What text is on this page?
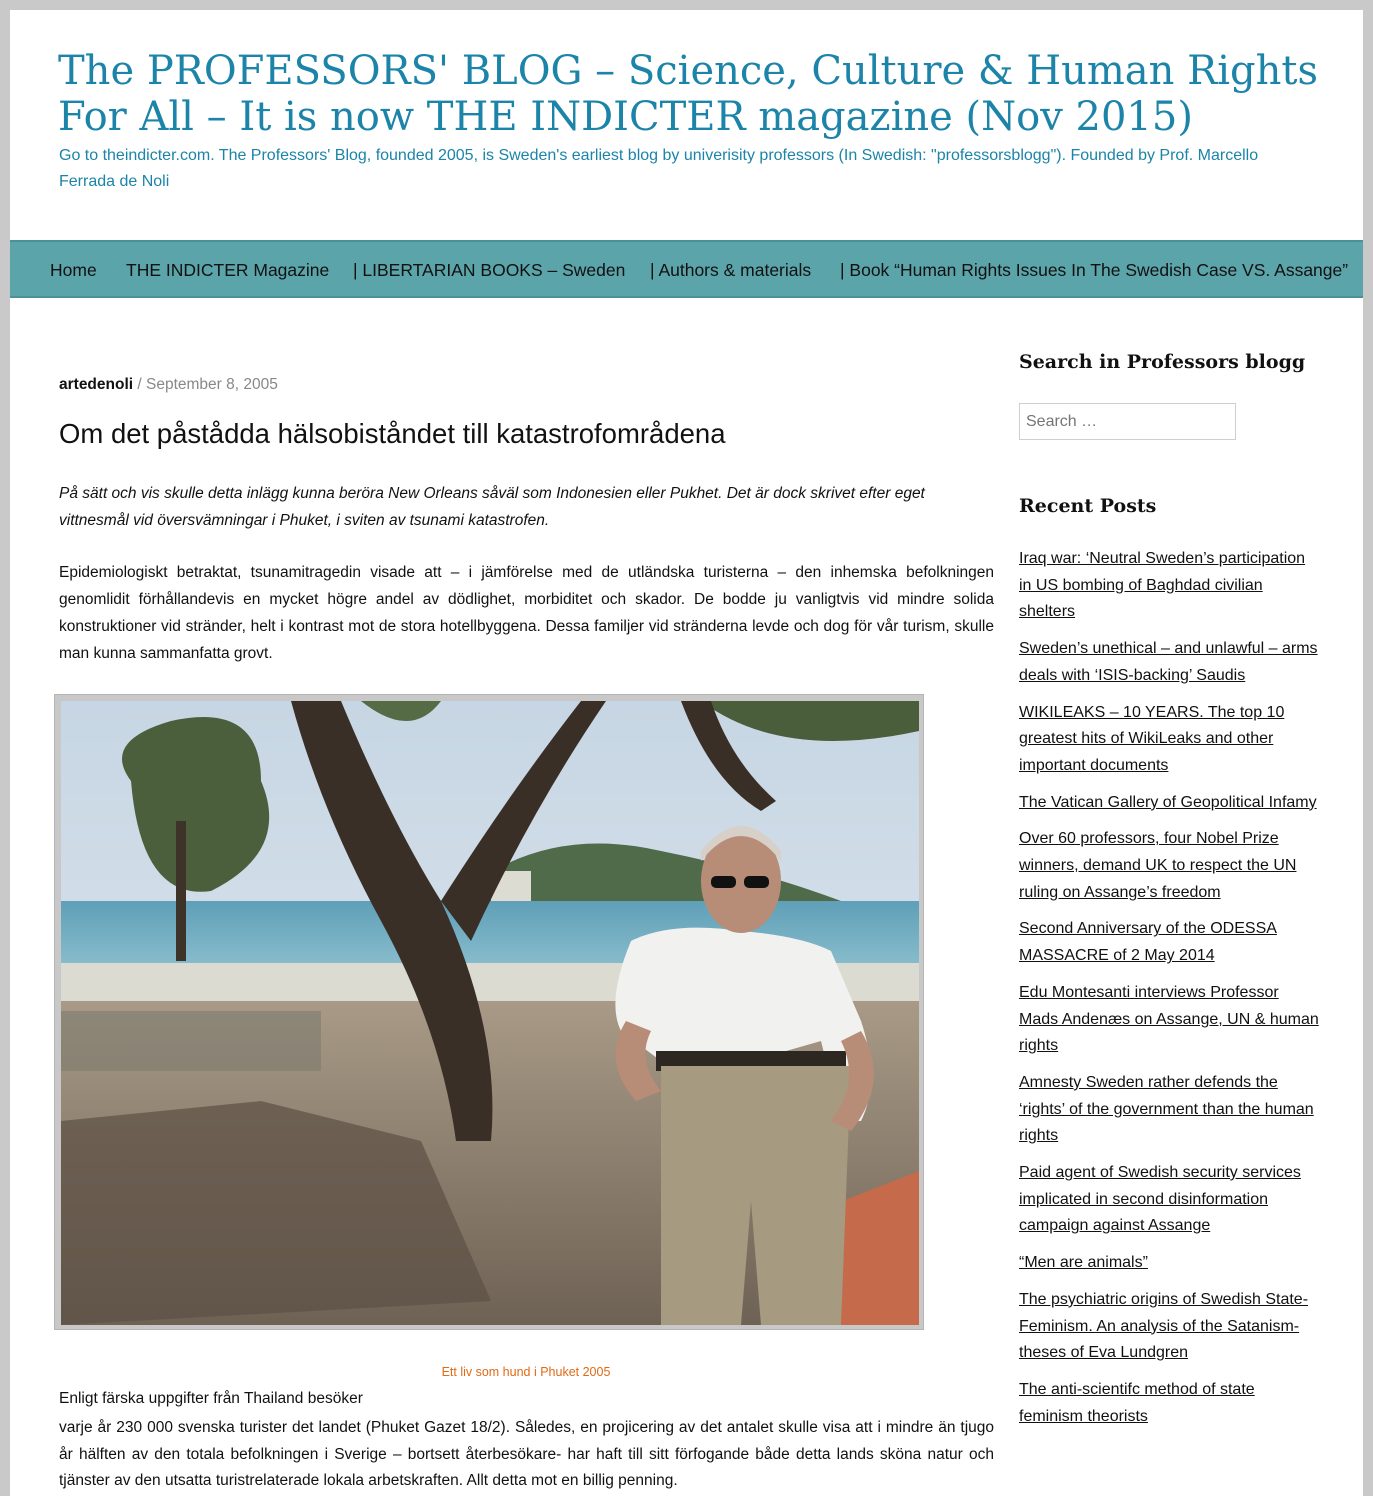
The PROFESSORS' BLOG – Science, Culture & Human Rights For All – It is now THE INDICTER magazine (Nov 2015)
Go to theindicter.com. The Professors' Blog, founded 2005, is Sweden's earliest blog by univerisity professors (In Swedish: "professorsblogg"). Founded by Prof. Marcello Ferrada de Noli
Home THE INDICTER Magazine | LIBERTARIAN BOOKS – Sweden | Authors & materials | Book “Human Rights Issues In The Swedish Case VS. Assange”
artedenoli / September 8, 2005
Om det påstådda hälsobiståndet till katastrofområdena

På sätt och vis skulle detta inlägg kunna beröra New Orleans såväl som Indonesien eller Pukhet. Det är dock skrivet efter eget vittnesmål vid översvämningar i Phuket, i sviten av tsunami katastrofen.

Epidemiologiskt betraktat, tsunamitragedin visade att – i jämförelse med de utländska turisterna – den inhemska befolkningen genomlidit förhållandevis en mycket högre andel av dödlighet, morbiditet och skador. De bodde ju vanligtvis vid mindre solida konstruktioner vid stränder, helt i kontrast mot de stora hotellbyggena. Dessa familjer vid stränderna levde och dog för vår turism, skulle man kunna sammanfatta grovt.

Ett liv som hund i Phuket 2005
Enligt färska uppgifter från Thailand besöker

varje år 230 000 svenska turister det landet (Phuket Gazet 18/2). Således, en projicering av det antalet skulle visa att i mindre än tjugo år hälften av den totala befolkningen i Sverige – bortsett återbesökare- har haft till sitt förfogande både detta lands sköna natur och tjänster av den utsatta turistrelaterade lokala arbetskraften. Allt detta mot en billig penning.

Search in Professors blogg
Search …
Recent Posts
Iraq war: ‘Neutral Sweden’s participation in US bombing of Baghdad civilian shelters
Sweden’s unethical – and unlawful – arms deals with ‘ISIS-backing’ Saudis
WIKILEAKS – 10 YEARS. The top 10 greatest hits of WikiLeaks and other important documents
The Vatican Gallery of Geopolitical Infamy
Over 60 professors, four Nobel Prize winners, demand UK to respect the UN ruling on Assange’s freedom
Second Anniversary of the ODESSA MASSACRE of 2 May 2014
Edu Montesanti interviews Professor Mads Andenæs on Assange, UN & human rights
Amnesty Sweden rather defends the ‘rights’ of the government than the human rights
Paid agent of Swedish security services implicated in second disinformation campaign against Assange
“Men are animals”
The psychiatric origins of Swedish State- Feminism. An analysis of the Satanism-theses of Eva Lundgren
The anti-scientifc method of state feminism theorists
